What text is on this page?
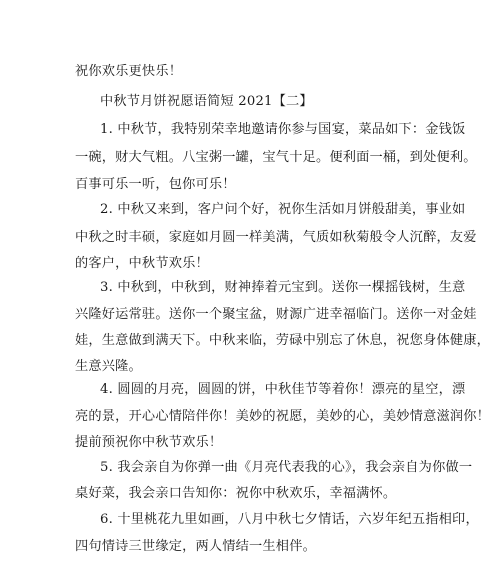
祝你欢乐更快乐！
中秋节月饼祝愿语简短 2021【二】
1. 中秋节，我特别荣幸地邀请你参与国宴，菜品如下：金钱饭
一碗，财大气粗。八宝粥一罐，宝气十足。便利面一桶，到处便利。
百事可乐一听，包你可乐！
2. 中秋又来到，客户问个好，祝你生活如月饼般甜美，事业如
中秋之时丰硕，家庭如月圆一样美满，气质如秋菊般令人沉醉，友爱
的客户，中秋节欢乐！
3. 中秋到，中秋到，财神捧着元宝到。送你一棵摇钱树，生意
兴隆好运常驻。送你一个聚宝盆，财源广进幸福临门。送你一对金娃
娃，生意做到满天下。中秋来临，劳碌中别忘了休息，祝您身体健康，
生意兴隆。
4. 圆圆的月亮，圆圆的饼，中秋佳节等着你！漂亮的星空，漂
亮的景，开心心情陪伴你！美妙的祝愿，美妙的心，美妙情意滋润你！
提前预祝你中秋节欢乐！
5. 我会亲自为你弹一曲《月亮代表我的心》，我会亲自为你做一
桌好菜，我会亲口告知你：祝你中秋欢乐，幸福满怀。
6. 十里桃花九里如画，八月中秋七夕情话，六岁年纪五指相印，
四句情诗三世缘定，两人情结一生相伴。
